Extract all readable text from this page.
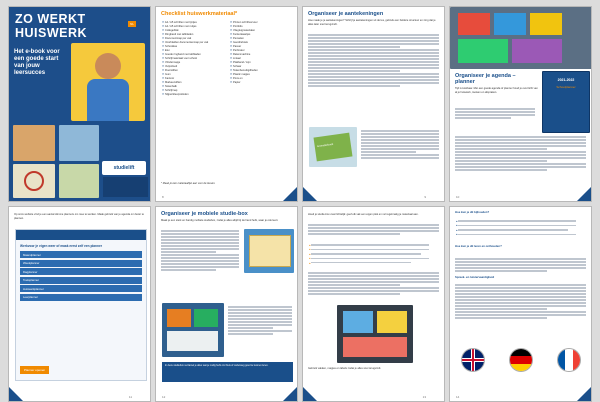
ZO WERKT
HUISWERK
NL
Het e-book voor een goede start van jouw leersucces
studielift
Checklist huiswerkmateriaal*
☐ A4 / A5 schriften met lijntjes
☐ A4 / A5 schriften met ruitjes
☐ Collegeblok
☐ Ringband met tabbladen
☐ Documentmap per vak
☐ Voorblad/en documentenmap per vak
☐ Schoolkas
☐ Etui
☐ Goede ringband met tabbladen
☐ Schrijfmateriaal voor school
☐ Vlindermapje
☐ Vulpotlood
☐ Fluorstiften
☐ Gum
☐ Kantoor
☐ Markeerstiften
☐ Notenbalk
☐ Schrijfmap
☐ Slijper/kleurpotloden
☐ Printen schriftvervoer
☐ Portfolio
☐ Vliegtuigmaterialen
☐ Kurkenkaartjes
☐ Penselen
☐ Geodriehoek
☐ Passer
☐ Perforator
☐ Rekenmachine
☐ Liniaal
☐ Plakband / Lijm
☐ Schaar
☐ Tekenbenodigdheden
☐ Plastic mapjes
☐ Pons en
☐ Papier
* Maak je een materiaallijst aan voor de lessen.
8
Organiseer je aantekeningen
Hoe maak je je aantekeningen? Schrijf je aantekeningen uit de les, gebruik een heldere structuur en zorg dat je alles later snel terugvindt.
Groenleeboek
9
Organiseer je agenda – planner
Tijd is kostbaar. Met een goede agenda of planner houd je overzicht van al je huiswerk, toetsen en afspraken.
2021-2022
Schoolplanner
10
Op onze website vind je een aantal slimme planners om mee te werken. Maak gebruik van je agenda om beter te plannen.
Werkvoor je eigen weer of maak eerst zelf een planner
Maandplanner
Weekplanner
Dagplanner
Toetsplanner
Huiswerkplanner
Leerplanner
Planner openen
11
Organiseer je mobiele studie-box
Maak je een sterk en handig mobiele studiebox, zodat je alles altijd bij de hand hebt, waar je ook leert.
In deze studiebox verzamel je alles wat je nodig hebt om thuis of onderweg goed te kunnen leren.
12
Houd je studie-box overzichtelijk: geef elk vak een eigen plek en vul regelmatig je materiaal aan.
●
●
●
●
●
Gebruik vakken, mapjes en labels zodat je alles snel terugvindt.
13
Hoe kun je dit bijhouden?
●
●
●
●
Hoe kun je dit leren en onthouden?
Spreek- en luistervaardigheid
14
